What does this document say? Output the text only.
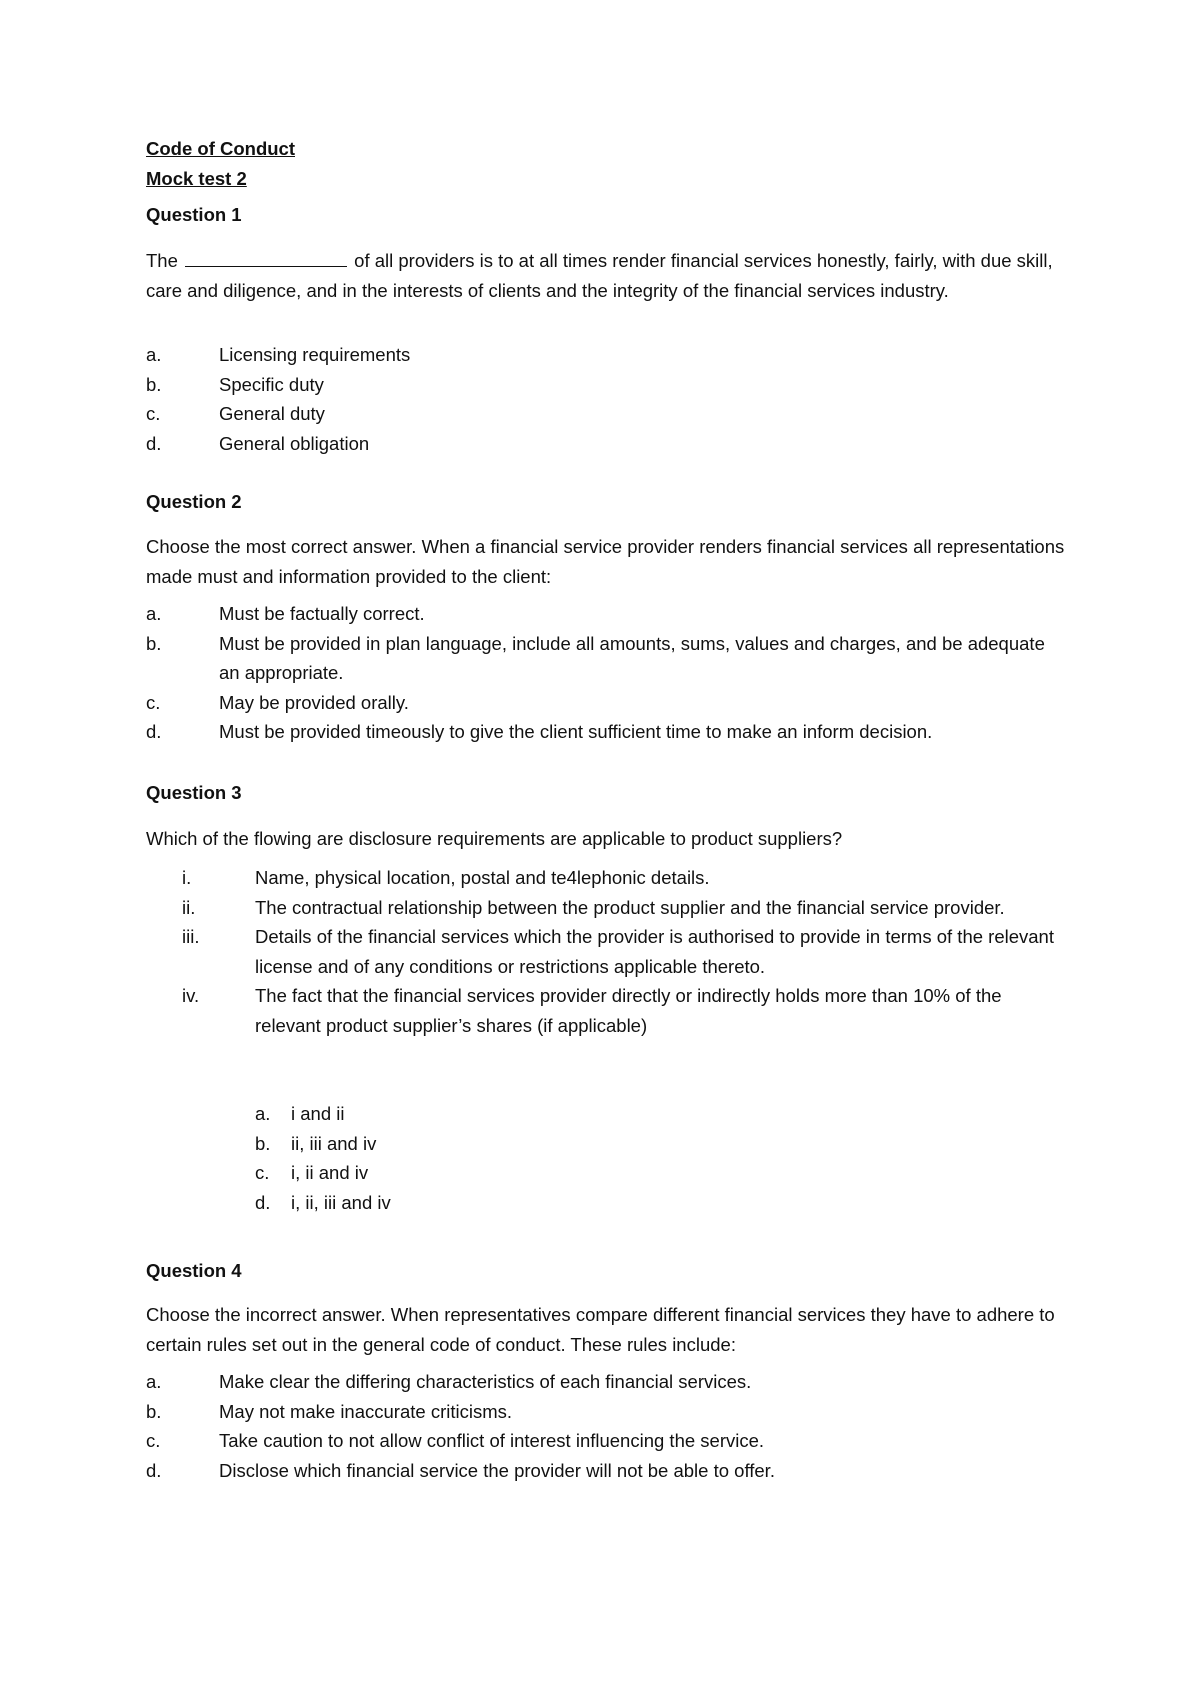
Code of Conduct
Mock test 2
Question 1
The	of all providers is to at all times render financial services honestly, fairly, with due skill, care and diligence, and in the interests of clients and the integrity of the financial services industry.
a.	Licensing requirements
b.	Specific duty
c.	General duty
d.	General obligation
Question 2
Choose the most correct answer. When a financial service provider renders financial services all representations made must and information provided to the client:
a.	Must be factually correct.
b.	Must be provided in plan language, include all amounts, sums, values and charges, and be adequate an appropriate.
c.	May be provided orally.
d.	Must be provided timeously to give the client sufficient time to make an inform decision.
Question 3
Which of the flowing are disclosure requirements are applicable to product suppliers?
i.	Name, physical location, postal and te4lephonic details.
ii.	The contractual relationship between the product supplier and the financial service provider.
iii.	Details of the financial services which the provider is authorised to provide in terms of the relevant license and of any conditions or restrictions applicable thereto.
iv.	The fact that the financial services provider directly or indirectly holds more than 10% of the relevant product supplier’s shares (if applicable)
a. i and ii
b. ii, iii and iv
c. i, ii and iv
d. i, ii, iii and iv
Question 4
Choose the incorrect answer. When representatives compare different financial services they have to adhere to certain rules set out in the general code of conduct. These rules include:
a.	Make clear the differing characteristics of each financial services.
b.	May not make inaccurate criticisms.
c.	Take caution to not allow conflict of interest influencing the service.
d.	Disclose which financial service the provider will not be able to offer.
